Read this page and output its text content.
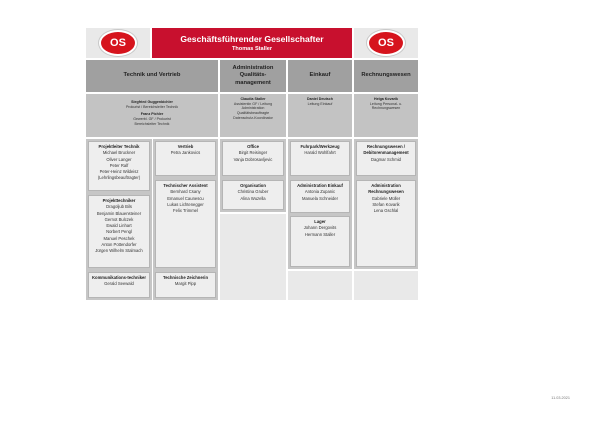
OS	Geschäftsführender Gesellschafter
Thomas Staller	OS
Technik und Vertrieb
Administration Qualitäts-management
Einkauf	Rechnungswesen
Siegfried Guggenbichler
Prokurist / Bereichsleiter Technik
Franz Pichler
Gewerbl. GF / Prokurist
Bereichsleiter Technik
Claudia Staller
Assistentin GF / Leitung
Administration
Qualitätsbeauftragte
Datenschutz-Koordinator
Daniel Deutsch
Leitung Einkauf
Helga Kovarik
Leitung Personal- u.
Rechnungswesen
Projektleiter Technik
Michael Bruckner
Oliver Langer
Peter Ralf
Peter-Heinz Wildeisz
(Lehrlingsbeauftragter)
Projekttechniker
Dragoljub Bils
Benjamin Blauensteiner
Gernot Bulczek
Ewald Linhart
Norbert Pengl
Manuel Peschek
Anton Pottendorfer
Jürgen Wilhelm Stalmach
Kommunikations-techniker
Gerald Seewald
Vertrieb
Petra Jankovics
Technischer Assistent
Bernhard Csany
Emanuel Caunescu
Lukas Lichtenegger
Felix Trimmel
Technische Zeichnerin
Margit Pipp
Office
Birgit Reisinger
Vanja Dobrosavljevic
Organisation
Christina Gruber
Alina Wuzella
Fuhrpark/Werkzeug
Harald Wohlfahrt
Administration Einkauf
Antonia Zupanic
Manuela Schneider
Lager
Johann Dergovits
Hermann Staller
Rechnungswesen / Debitorenmanagement
Dagmar Schmid
Administration Rechnungswesen
Gabriele Müller
Stefan Kovarik
Lena Gschlal
11.03.2021
